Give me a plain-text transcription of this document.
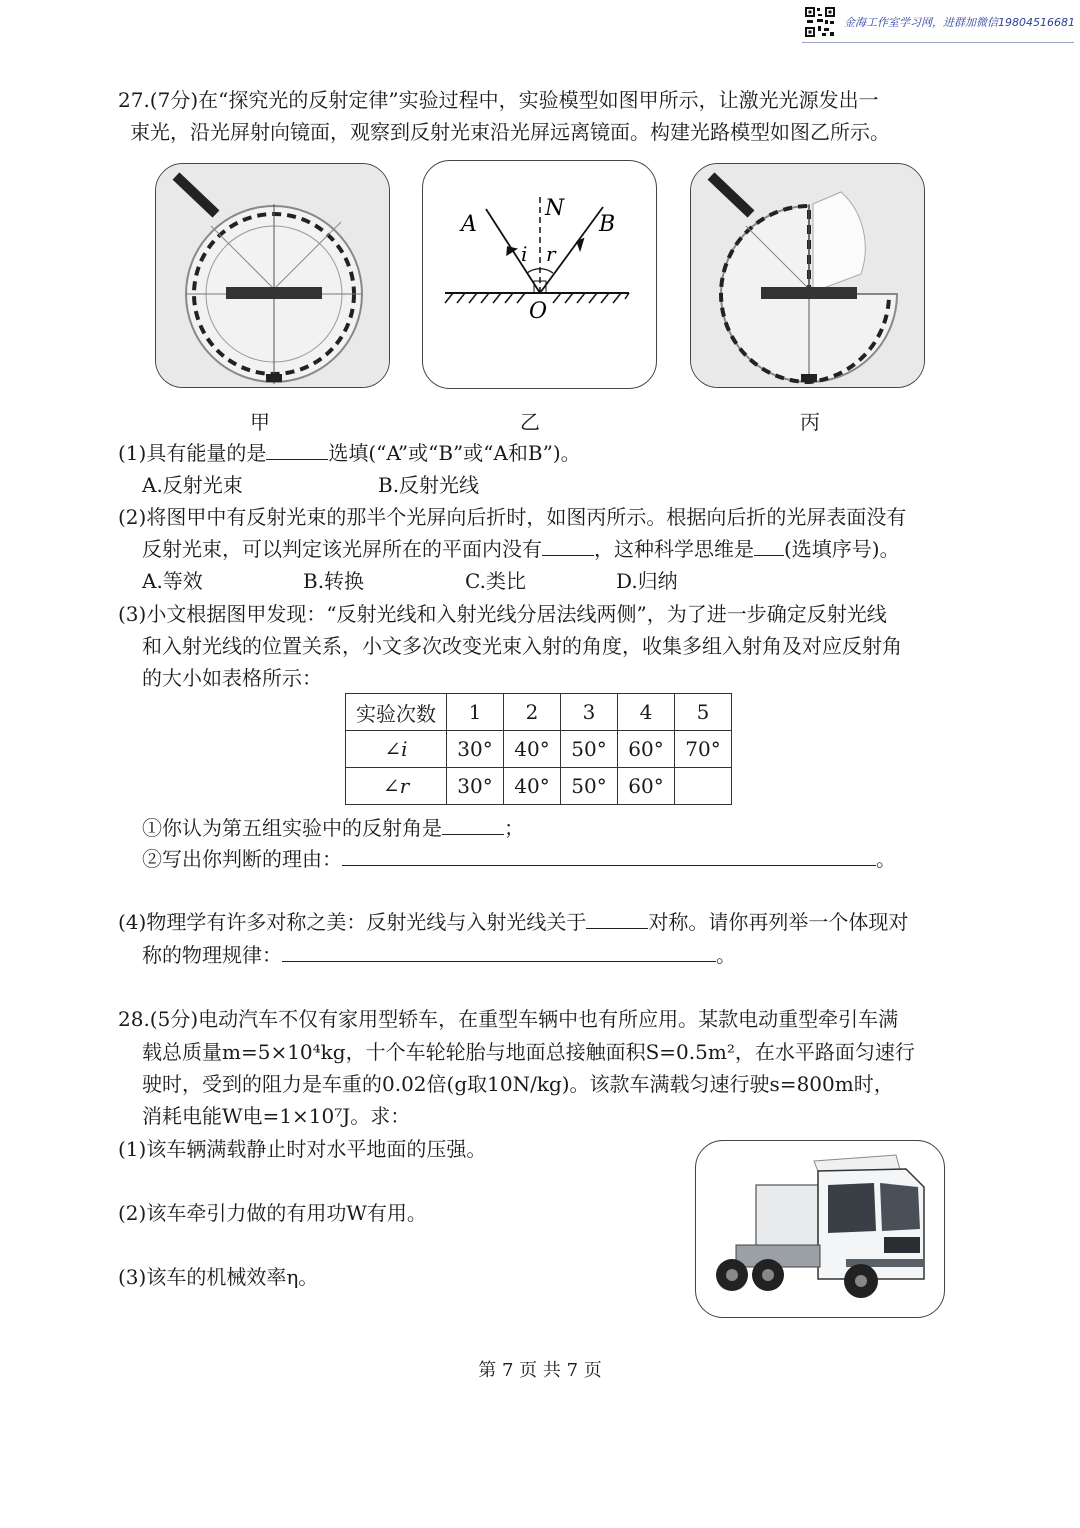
金海工作室学习网，进群加微信19804516681
27.(7分)在“探究光的反射定律”实验过程中，实验模型如图甲所示，让激光光源发出一
束光，沿光屏射向镜面，观察到反射光束沿光屏远离镜面。构建光路模型如图乙所示。
A	B
N
O
i r
甲	乙	丙
(1)具有能量的是	选填(“A”或“B”或“A和B”)。
A.反射光束	B.反射光线
(2)将图甲中有反射光束的那半个光屏向后折时，如图丙所示。根据向后折的光屏表面没有
反射光束，可以判定该光屏所在的平面内没有	，这种科学思维是 (选填序号)。
A.等效	B.转换	C.类比	D.归纳
(3)小文根据图甲发现：“反射光线和入射光线分居法线两侧”，为了进一步确定反射光线
和入射光线的位置关系，小文多次改变光束入射的角度，收集多组入射角及对应反射角
的大小如表格所示：
实验次数	1	2	3	4	5
∠i	30°	40°	50°	60°	70°
∠r	30°	40°	50°	60°	
①你认为第五组实验中的反射角是	；
②写出你判断的理由：	。
(4)物理学有许多对称之美：反射光线与入射光线关于	对称。请你再列举一个体现对
称的物理规律：	。
28.(5分)电动汽车不仅有家用型轿车，在重型车辆中也有所应用。某款电动重型牵引车满
载总质量m=5×10⁴kg，十个车轮轮胎与地面总接触面积S=0.5m²，在水平路面匀速行
驶时，受到的阻力是车重的0.02倍(g取10N/kg)。该款车满载匀速行驶s=800m时，
消耗电能W电=1×10⁷J。求：
(1)该车辆满载静止时对水平地面的压强。
(2)该车牵引力做的有用功W有用。
(3)该车的机械效率η。
第 7 页 共 7 页
